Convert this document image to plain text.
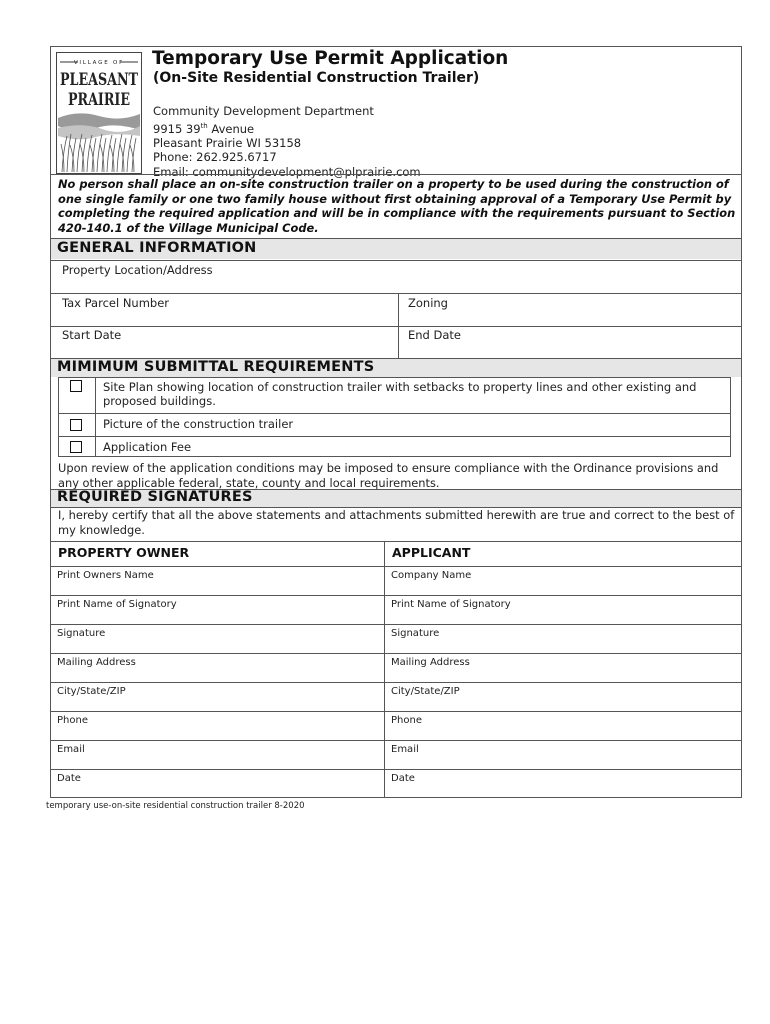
VILLAGE OF
PLEASANT
PRAIRIE
Temporary Use Permit Application
(On-Site Residential Construction Trailer)
Community Development Department
9915 39th Avenue
Pleasant Prairie WI 53158
Phone: 262.925.6717
Email: communitydevelopment@plprairie.com
No person shall place an on-site construction trailer on a property to be used during the construction of one single family or one two family house without first obtaining approval of a Temporary Use Permit by completing the required application and will be in compliance with the requirements pursuant to Section 420-140.1 of the Village Municipal Code.
GENERAL INFORMATION
Property Location/Address
Tax Parcel Number	Zoning
Start Date	End Date
MIMIMUM SUBMITTAL REQUIREMENTS
Site Plan showing location of construction trailer with setbacks to property lines and other existing and proposed buildings.
Picture of the construction trailer
Application Fee
Upon review of the application conditions may be imposed to ensure compliance with the Ordinance provisions and any other applicable federal, state, county and local requirements.
REQUIRED SIGNATURES
I, hereby certify that all the above statements and attachments submitted herewith are true and correct to the best of my knowledge.
PROPERTY OWNER	APPLICANT
Print Owners Name	Company Name
Print Name of Signatory	Print Name of Signatory
Signature	Signature
Mailing Address	Mailing Address
City/State/ZIP	City/State/ZIP
Phone	Phone
Email	Email
Date	Date
temporary use-on-site residential construction trailer 8-2020
